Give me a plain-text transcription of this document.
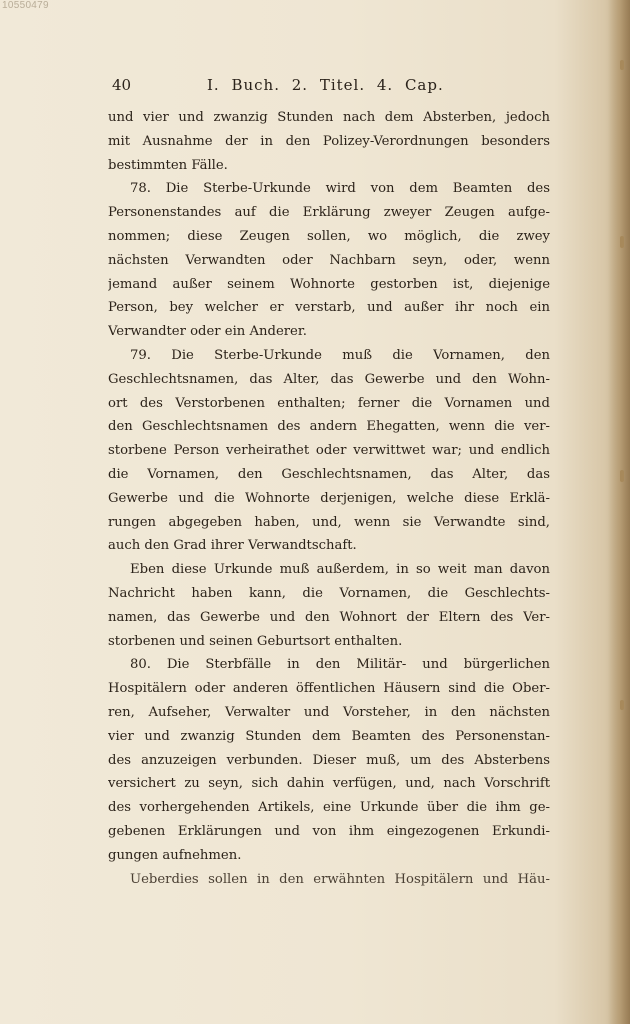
10550479
40	I. Buch. 2. Titel. 4. Cap.
und vier und zwanzig Stunden nach dem Absterben, jedoch
mit Ausnahme der in den Polizey-Verordnungen besonders
bestimmten Fälle.
78. Die Sterbe-Urkunde wird von dem Beamten des
Personenstandes auf die Erklärung zweyer Zeugen aufge-
nommen; diese Zeugen sollen, wo möglich, die zwey
nächsten Verwandten oder Nachbarn seyn, oder, wenn
jemand außer seinem Wohnorte gestorben ist, diejenige
Person, bey welcher er verstarb, und außer ihr noch ein
Verwandter oder ein Anderer.
79. Die Sterbe-Urkunde muß die Vornamen, den
Geschlechtsnamen, das Alter, das Gewerbe und den Wohn-
ort des Verstorbenen enthalten; ferner die Vornamen und
den Geschlechtsnamen des andern Ehegatten, wenn die ver-
storbene Person verheirathet oder verwittwet war; und endlich
die Vornamen, den Geschlechtsnamen, das Alter, das
Gewerbe und die Wohnorte derjenigen, welche diese Erklä-
rungen abgegeben haben, und, wenn sie Verwandte sind,
auch den Grad ihrer Verwandtschaft.
Eben diese Urkunde muß außerdem, in so weit man davon
Nachricht haben kann, die Vornamen, die Geschlechts-
namen, das Gewerbe und den Wohnort der Eltern des Ver-
storbenen und seinen Geburtsort enthalten.
80. Die Sterbfälle in den Militär- und bürgerlichen
Hospitälern oder anderen öffentlichen Häusern sind die Ober-
ren, Aufseher, Verwalter und Vorsteher, in den nächsten
vier und zwanzig Stunden dem Beamten des Personenstan-
des anzuzeigen verbunden. Dieser muß, um des Absterbens
versichert zu seyn, sich dahin verfügen, und, nach Vorschrift
des vorhergehenden Artikels, eine Urkunde über die ihm ge-
gebenen Erklärungen und von ihm eingezogenen Erkundi-
gungen aufnehmen.
Ueberdies sollen in den erwähnten Hospitälern und Häu-
